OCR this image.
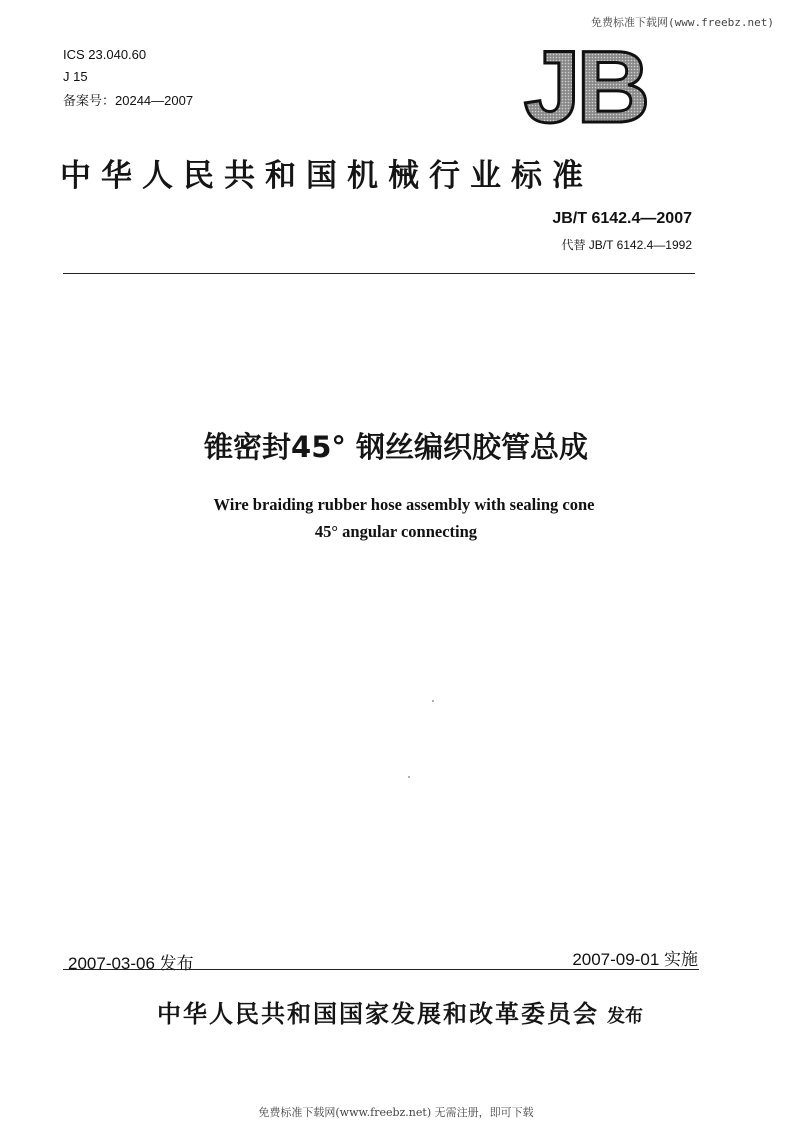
免费标准下载网(www.freebz.net)
ICS 23.040.60
J 15
备案号：20244—2007	JB
中华人民共和国机械行业标准
JB/T 6142.4—2007
代替 JB/T 6142.4—1992
锥密封45° 钢丝编织胶管总成
Wire braiding rubber hose assembly with sealing cone
45° angular connecting
2007-03-06 发布	2007-09-01 实施
中华人民共和国国家发展和改革委员会 发布
免费标准下载网(www.freebz.net) 无需注册，即可下载
